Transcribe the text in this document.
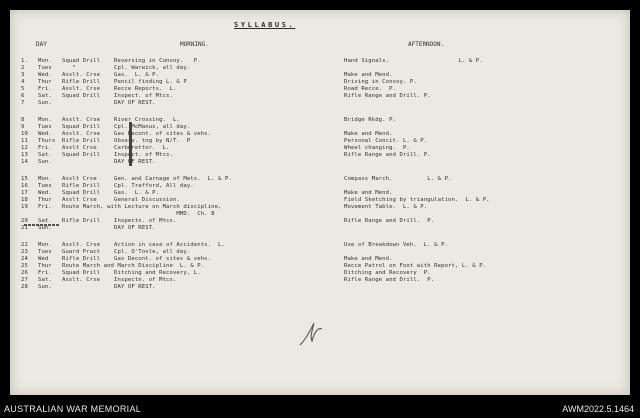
SYLLABUS.
DAY	MORNING.	AFTERNOON.
1. Mon. Squad Drill    Reversing in Convoy.   P.	Hand Signals.                    L. & P.
2 Tues "           Cpl. Warwick, all day.
3 Wed. Asslt. Crse    Gas.  L. & P.	Make and Mend.
4 Thur Rifle Drill    Pencil finding L. & P	Driving in Convoy. P.
5 Fri. Asslt. Crse    Recce Reports.  L.	Road Recce.  P.
6 Sat. Squad Drill    Inspect. of Mtcs.	Rifle Range and Drill. P.
7 Sun. DAY OF REST.
8 Mon. Asslt. Crse    River Crossing.  L.	Bridge Rkdg. P.
9 Tues Squad Drill    Cpl. McManus, all day.
10 Wed. Asslt. Crse    Gas Decont. of sites & vehs.	Make and Mend.
11 Thurs Rifle Drill    Observ. tng by N/T.  P	Personal Concit. L. & P.
12 Fri. Asslt Crse     Carburettor.  L.	Wheel changing.  P.
13 Sat. Squad Drill    Inspect. of Mtcs.	Rifle Range and Drill. P.
14 Sun. DAY OF REST.
15 Mon. Asslt Crse     Gen. and Carnage of Mets.  L. & P.	Compass March.          L. & P.
16 Tues Rifle Drill    Cpl. Trafford, All day.
17 Wed. Squad Drill    Gas.  L. & P.	Make and Mend.
18 Thur Asslt Crse     General Discussion.	Field Sketching by triangulation.  L. & P.
19 Fri. Route March, with Lecture on March discipline,	Movement Table.  L. & P.
MMD.  Ch. 8
20 Sat. Rifle Drill    Inspectn. of Mtcs.	Rifle Range and Drill.  P.
21 Sun. DAY OF REST.
22 Mon. Asslt. Crse    Action in case of Accidents.  L.	Use of Breakdown Veh.  L. & P.
23 Tues Guard Pract    Cpl. O'Toole, all day.
24 Wed Rifle Drill    Gas Decont. of sites & vehs.	Make and Mend.
25 Thur Route March and March Discipline  L. & P.	Recce Patrol on Foot with Report, L. & P.
26 Fri. Squad Drill    Ditching and Recovery, L.	Ditching and Recovery  P.
27 Sat. Asslt. Crse    Inspectn. of Mtcs.	Rifle Range and Drill.  P.
28 Sun. DAY OF REST.
AUSTRALIAN WAR MEMORIAL	AWM2022.5.1464
